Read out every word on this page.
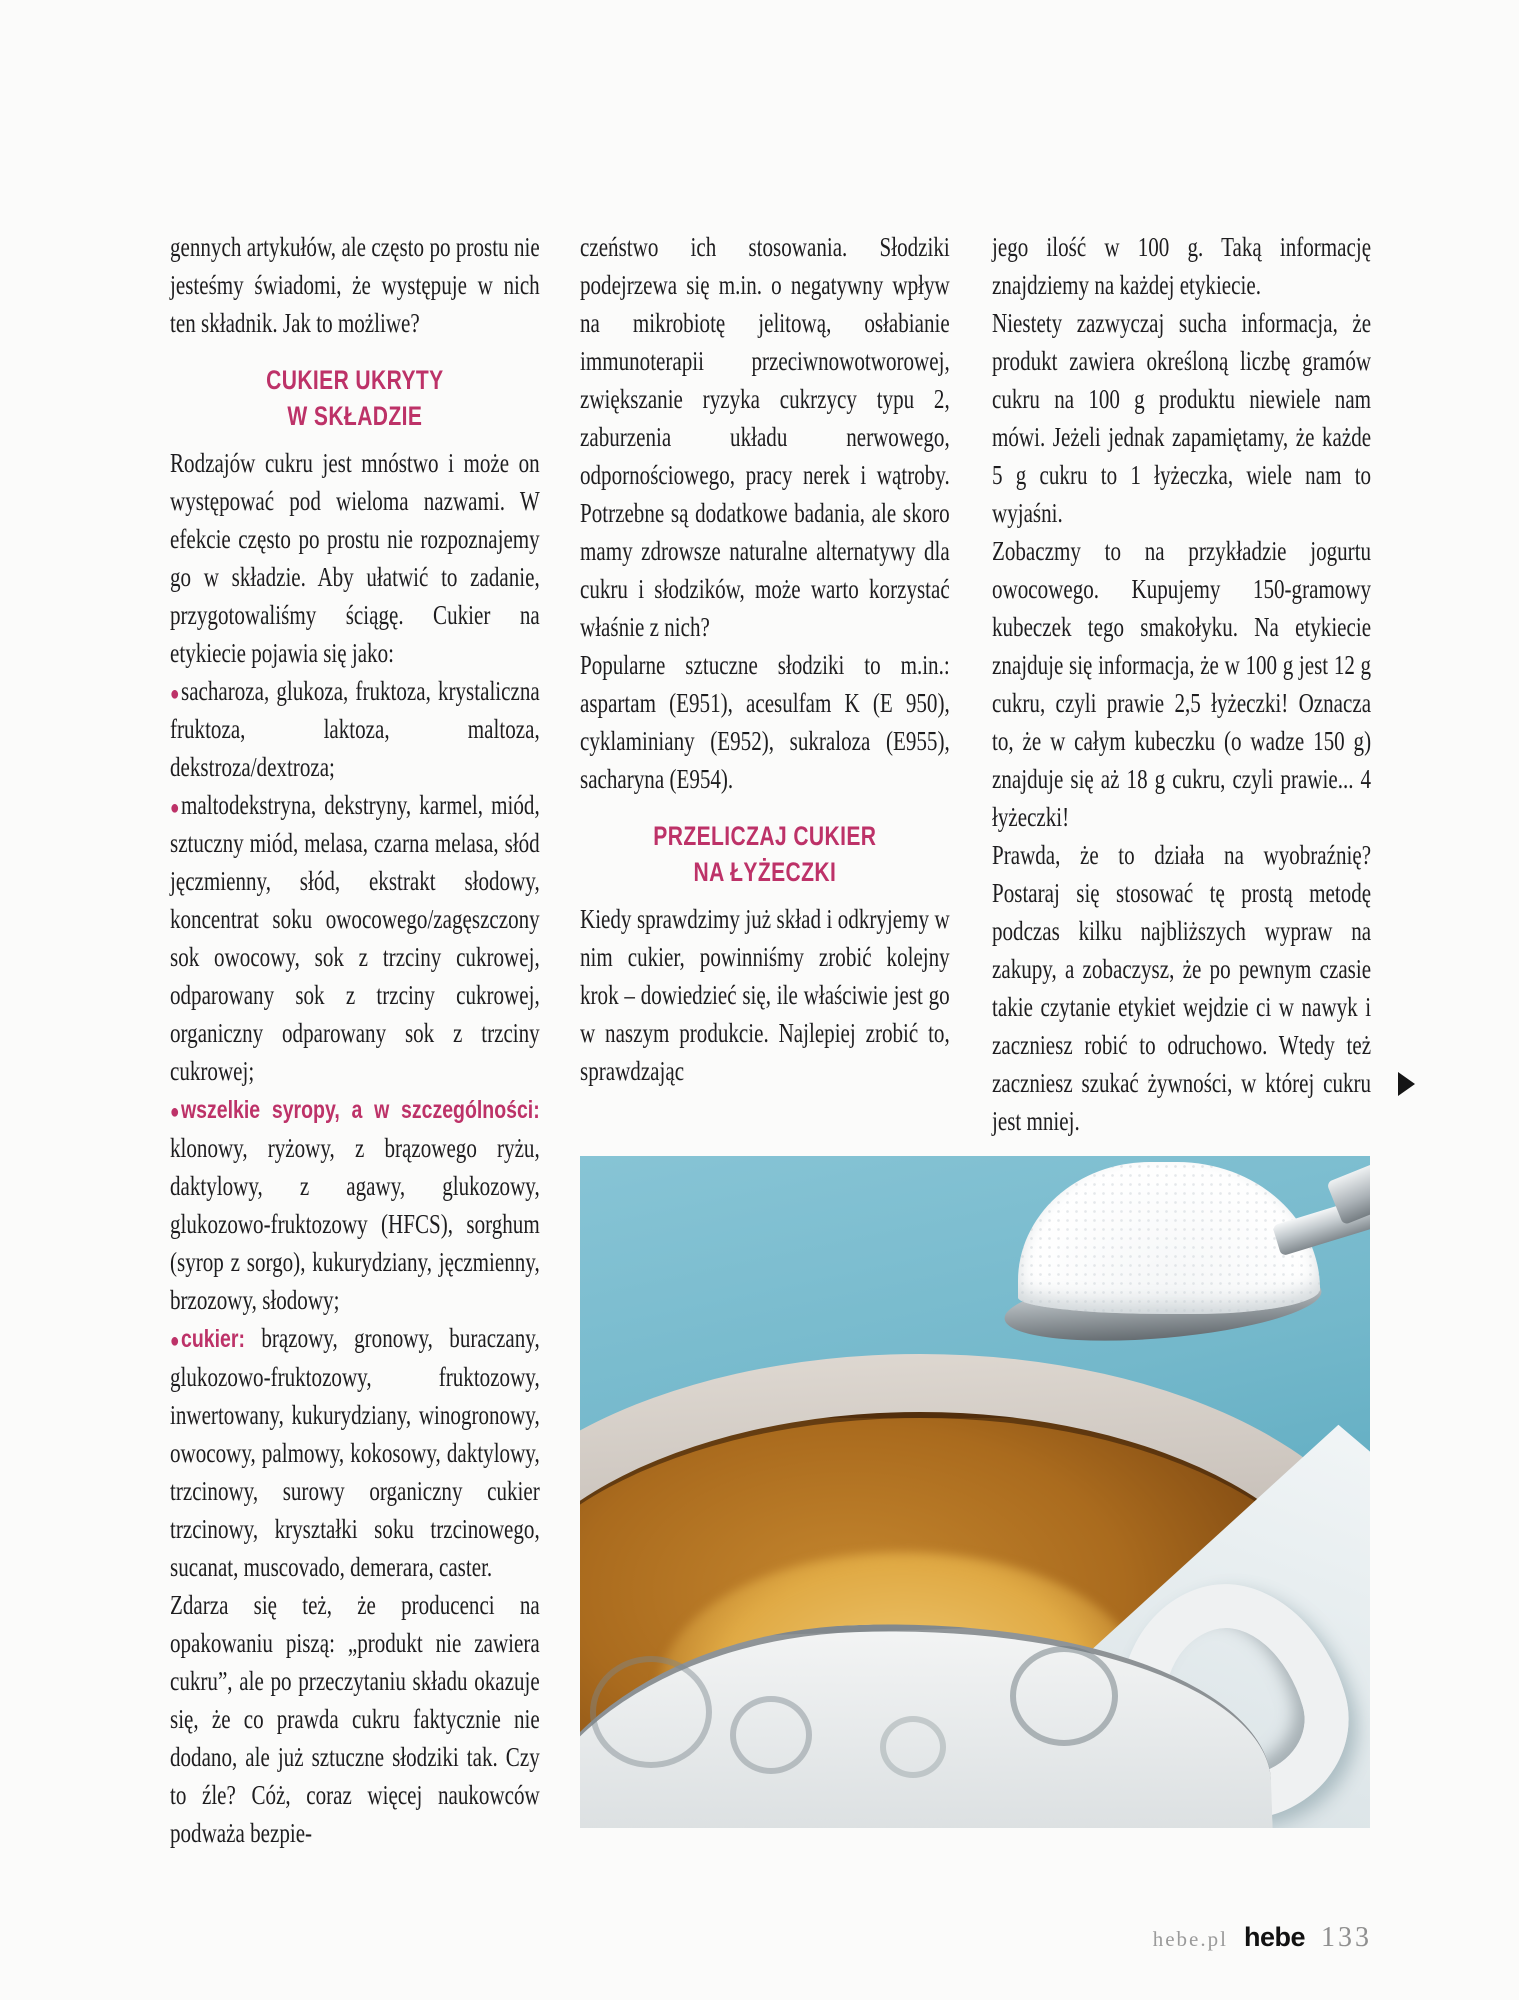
gennych artykułów, ale często po prostu nie jesteśmy świadomi, że występuje w nich ten składnik. Jak to możliwe?

CUKIER UKRYTY
W SKŁADZIE

Rodzajów cukru jest mnóstwo i może on występować pod wieloma nazwami. W efekcie często po prostu nie rozpoznajemy go w składzie. Aby ułatwić to zadanie, przygotowaliśmy ściągę. Cukier na etykiecie pojawia się jako:

●sacharoza, glukoza, fruktoza, krystaliczna fruktoza, laktoza, maltoza, dekstroza/dextroza;

●maltodekstryna, dekstryny, karmel, miód, sztuczny miód, melasa, czarna melasa, słód jęczmienny, słód, ekstrakt słodowy, koncentrat soku owocowego/zagęszczony sok owocowy, sok z trzciny cukrowej, odparowany sok z trzciny cukrowej, organiczny odparowany sok z trzciny cukrowej;

●wszelkie syropy, a w szczególności: klonowy, ryżowy, z brązowego ryżu, daktylowy, z agawy, glukozowy, glukozowo-fruktozowy (HFCS), sorghum (syrop z sorgo), kukurydziany, jęczmienny, brzozowy, słodowy;

●cukier: brązowy, gronowy, buraczany, glukozowo-fruktozowy, fruktozowy, inwertowany, kukurydziany, winogronowy, owocowy, palmowy, kokosowy, daktylowy, trzcinowy, surowy organiczny cukier trzcinowy, kryształki soku trzcinowego, sucanat, muscovado, demerara, caster.

Zdarza się też, że producenci na opakowaniu piszą: „produkt nie zawiera cukru”, ale po przeczytaniu składu okazuje się, że co prawda cukru faktycznie nie dodano, ale już sztuczne słodziki tak. Czy to źle? Cóż, coraz więcej naukowców podważa bezpie-

czeństwo ich stosowania. Słodziki podejrzewa się m.in. o negatywny wpływ na mikrobiotę jelitową, osłabianie immunoterapii przeciwnowotworowej, zwiększanie ryzyka cukrzycy typu 2, zaburzenia układu nerwowego, odpornościowego, pracy nerek i wątroby. Potrzebne są dodatkowe badania, ale skoro mamy zdrowsze naturalne alternatywy dla cukru i słodzików, może warto korzystać właśnie z nich?

Popularne sztuczne słodziki to m.in.: aspartam (E951), acesulfam K (E 950), cyklaminiany (E952), sukraloza (E955), sacharyna (E954).

PRZELICZAJ CUKIER
NA ŁYŻECZKI

Kiedy sprawdzimy już skład i odkryjemy w nim cukier, powinniśmy zrobić kolejny krok – dowiedzieć się, ile właściwie jest go w naszym produkcie. Najlepiej zrobić to, sprawdzając

jego ilość w 100 g. Taką informację znajdziemy na każdej etykiecie.

Niestety zazwyczaj sucha informacja, że produkt zawiera określoną liczbę gramów cukru na 100 g produktu niewiele nam mówi. Jeżeli jednak zapamiętamy, że każde 5 g cukru to 1 łyżeczka, wiele nam to wyjaśni.

Zobaczmy to na przykładzie jogurtu owocowego. Kupujemy 150-gramowy kubeczek tego smakołyku. Na etykiecie znajduje się informacja, że w 100 g jest 12 g cukru, czyli prawie 2,5 łyżeczki! Oznacza to, że w całym kubeczku (o wadze 150 g) znajduje się aż 18 g cukru, czyli prawie... 4 łyżeczki!

Prawda, że to działa na wyobraźnię? Postaraj się stosować tę prostą metodę podczas kilku najbliższych wypraw na zakupy, a zobaczysz, że po pewnym czasie takie czytanie etykiet wejdzie ci w nawyk i zaczniesz robić to odruchowo. Wtedy też zaczniesz szukać żywności, w której cukru jest mniej.

hebe.pl hebe 133
